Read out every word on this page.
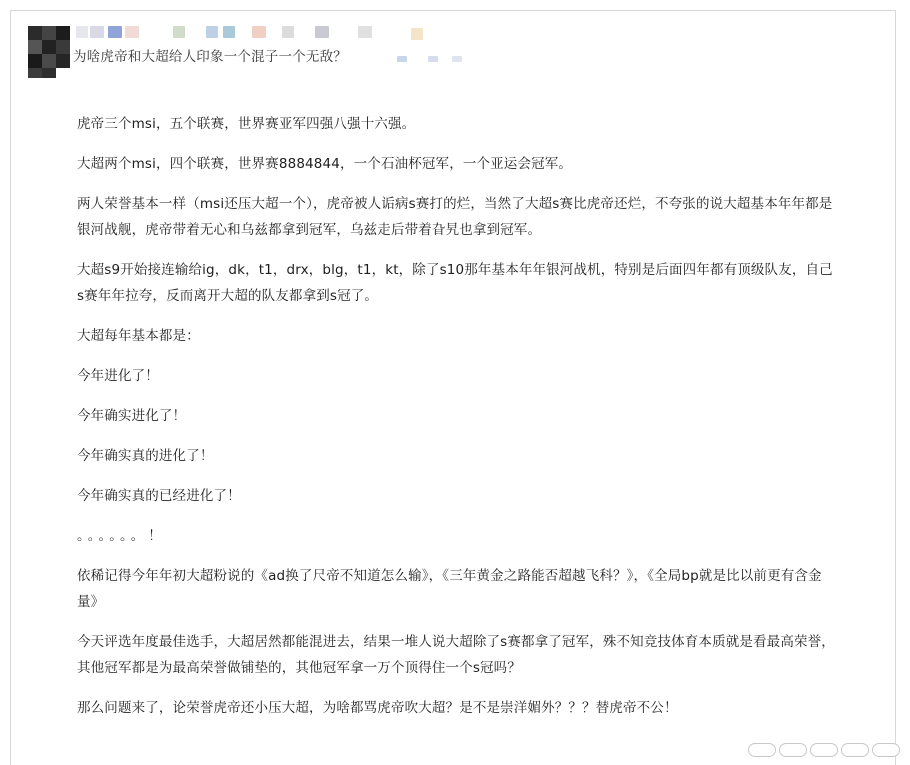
为啥虎帝和大超给人印象一个混子一个无敌？

虎帝三个msi，五个联赛，世界赛亚军四强八强十六强。

大超两个msi，四个联赛，世界赛8884844，一个石油杯冠军，一个亚运会冠军。

两人荣誉基本一样（msi还压大超一个），虎帝被人诟病s赛打的烂，当然了大超s赛比虎帝还烂，不夸张的说大超基本年年都是银河战舰，虎帝带着无心和乌兹都拿到冠军，乌兹走后带着旮旯也拿到冠军。

大超s9开始接连输给ig，dk，t1，drx，blg，t1，kt，除了s10那年基本年年银河战机，特别是后面四年都有顶级队友，自己s赛年年拉夸，反而离开大超的队友都拿到s冠了。

大超每年基本都是：

今年进化了！

今年确实进化了！

今年确实真的进化了！

今年确实真的已经进化了！

。。。。。。！

依稀记得今年年初大超粉说的《ad换了尺帝不知道怎么输》，《三年黄金之路能否超越飞科？》，《全局bp就是比以前更有含金量》

今天评选年度最佳选手，大超居然都能混进去，结果一堆人说大超除了s赛都拿了冠军，殊不知竞技体育本质就是看最高荣誉，其他冠军都是为最高荣誉做铺垫的，其他冠军拿一万个顶得住一个s冠吗？

那么问题来了，论荣誉虎帝还小压大超，为啥都骂虎帝吹大超？是不是崇洋媚外？？？替虎帝不公！
